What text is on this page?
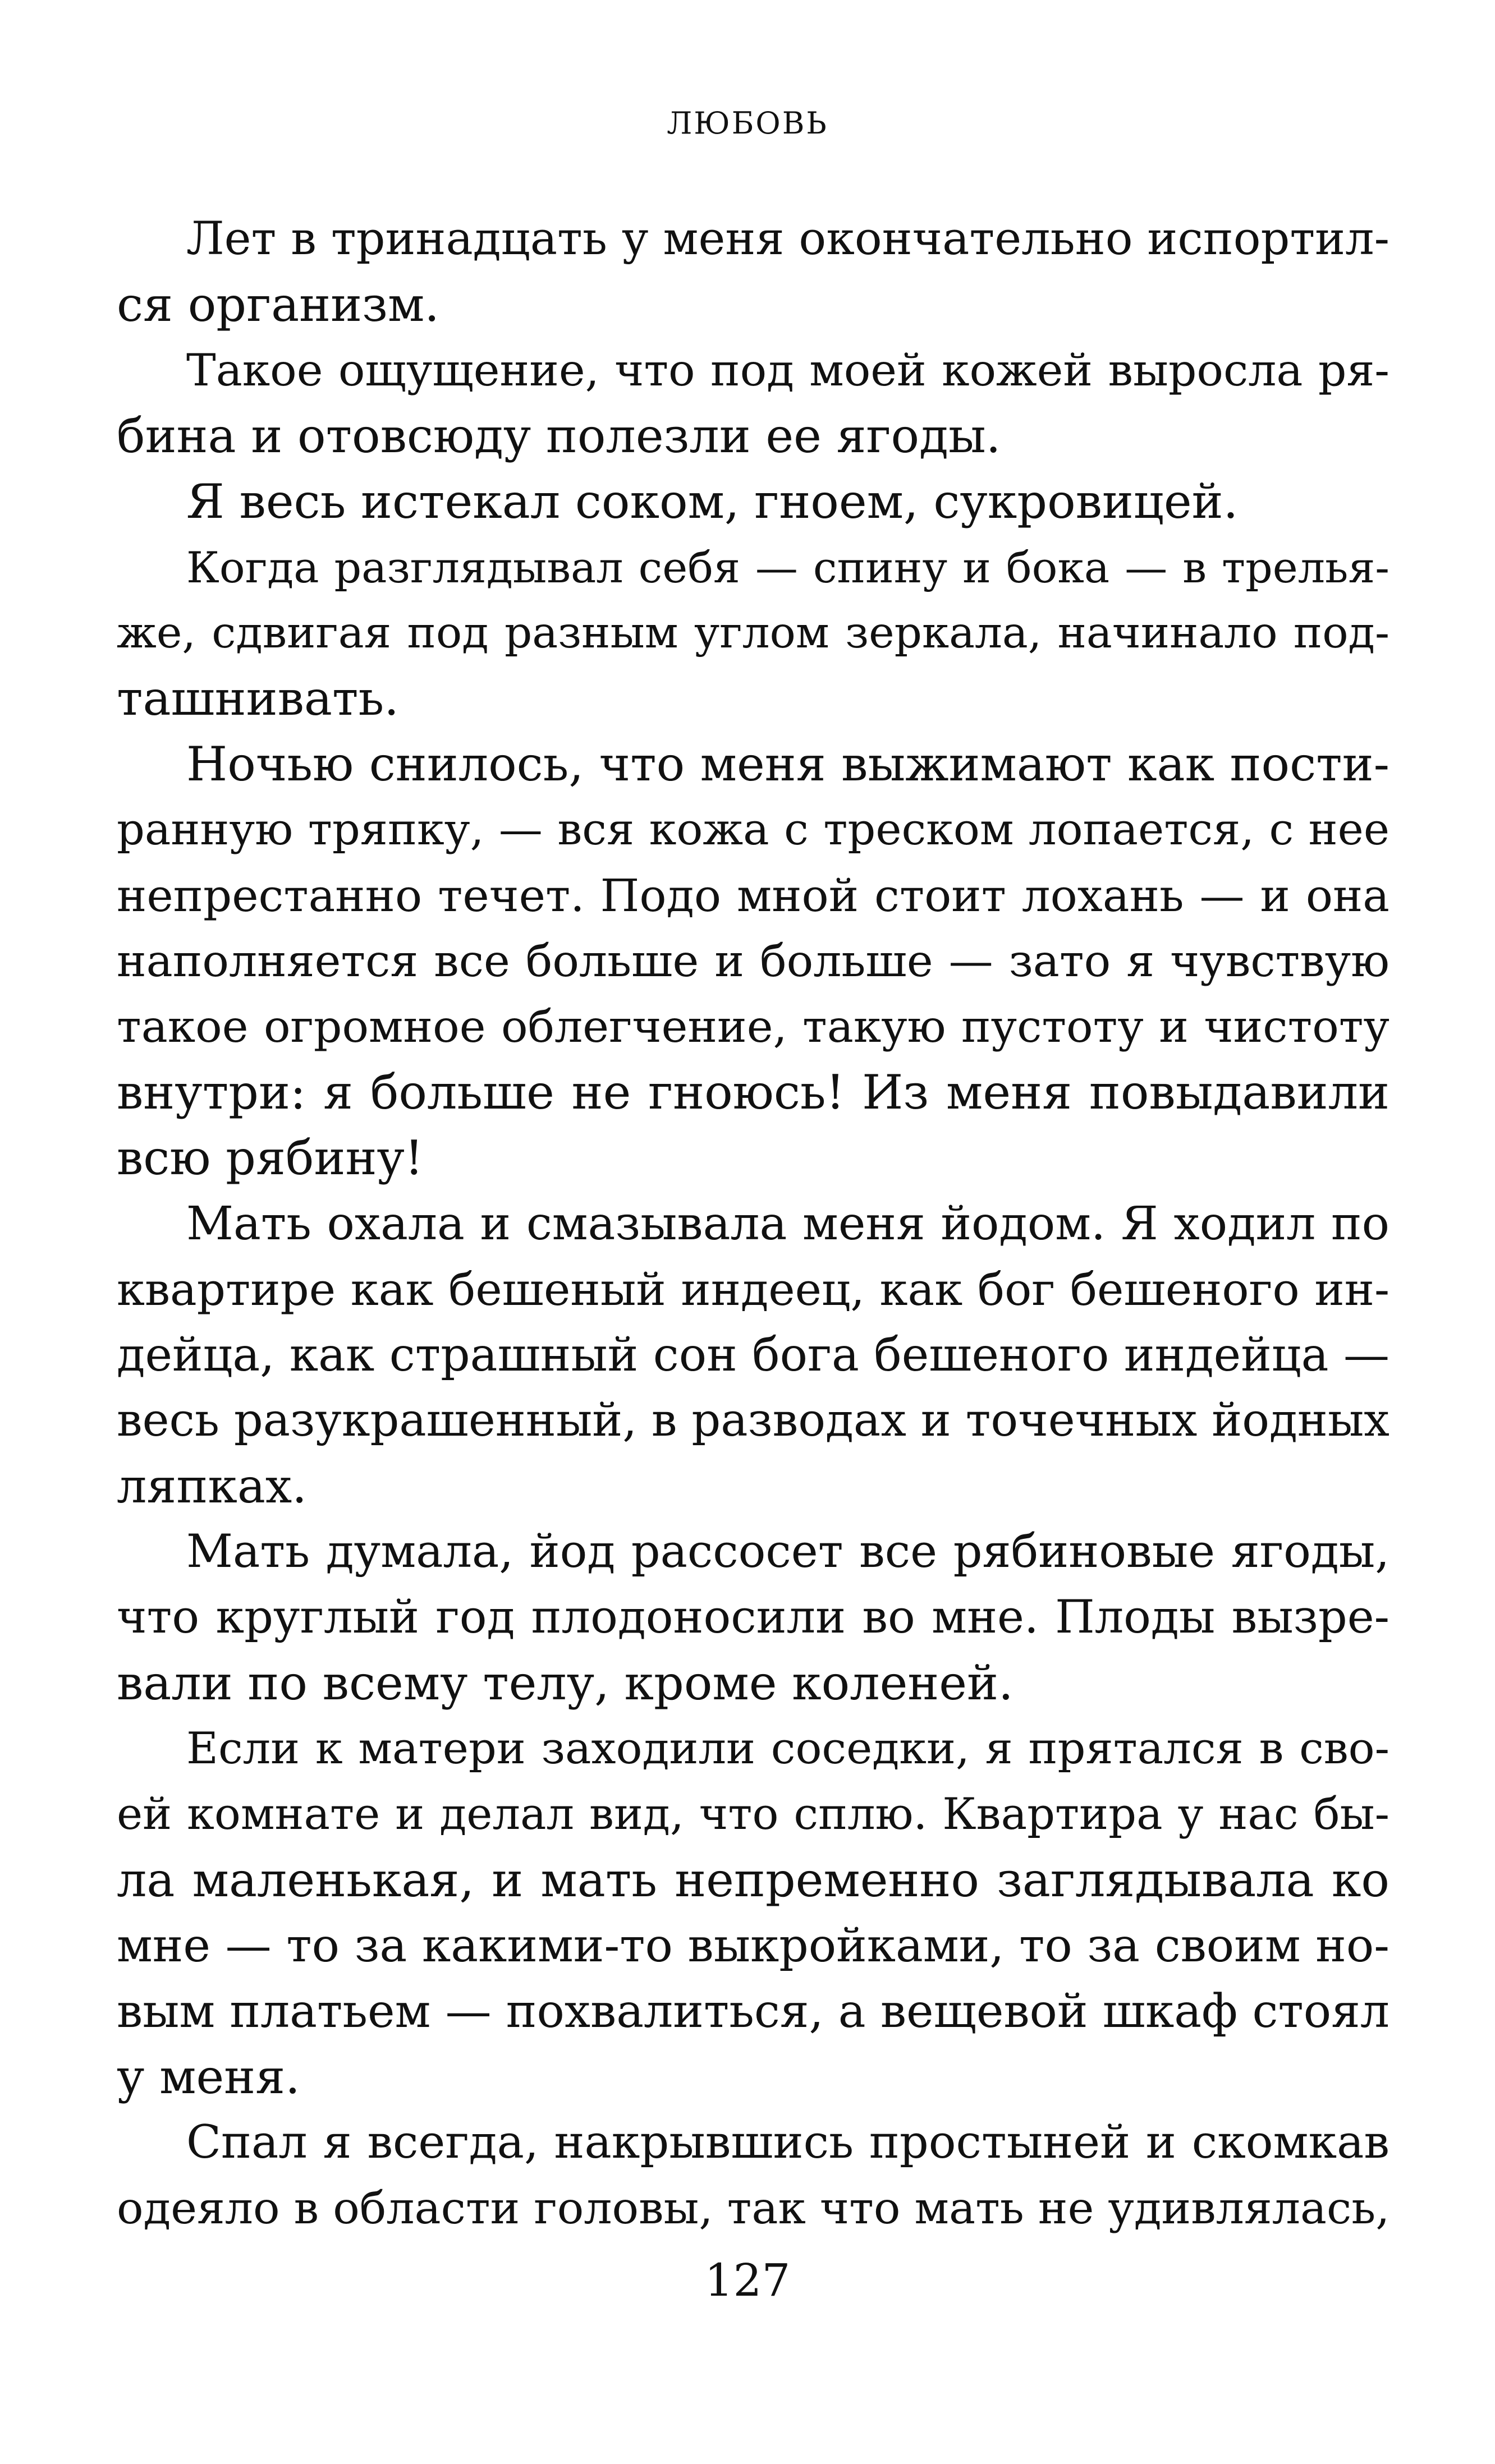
ЛЮБОВЬ
Лет в тринадцать у меня окончательно испортил-
ся организм.
Такое ощущение, что под моей кожей выросла ря-
бина и отовсюду полезли ее ягоды.
Я весь истекал соком, гноем, сукровицей.
Когда разглядывал себя — спину и бока — в трелья-
же, сдвигая под разным углом зеркала, начинало под-
ташнивать.
Ночью снилось, что меня выжимают как пости-
ранную тряпку, — вся кожа с треском лопается, с нее
непрестанно течет. Подо мной стоит лохань — и она
наполняется все больше и больше — зато я чувствую
такое огромное облегчение, такую пустоту и чистоту
внутри: я больше не гноюсь! Из меня повыдавили
всю рябину!
Мать охала и смазывала меня йодом. Я ходил по
квартире как бешеный индеец, как бог бешеного ин-
дейца, как страшный сон бога бешеного индейца —
весь разукрашенный, в разводах и точечных йодных
ляпках.
Мать думала, йод рассосет все рябиновые ягоды,
что круглый год плодоносили во мне. Плоды вызре-
вали по всему телу, кроме коленей.
Если к матери заходили соседки, я прятался в сво-
ей комнате и делал вид, что сплю. Квартира у нас бы-
ла маленькая, и мать непременно заглядывала ко
мне — то за какими-то выкройками, то за своим но-
вым платьем — похвалиться, а вещевой шкаф стоял
у меня.
Спал я всегда, накрывшись простыней и скомкав
одеяло в области головы, так что мать не удивлялась,
127
